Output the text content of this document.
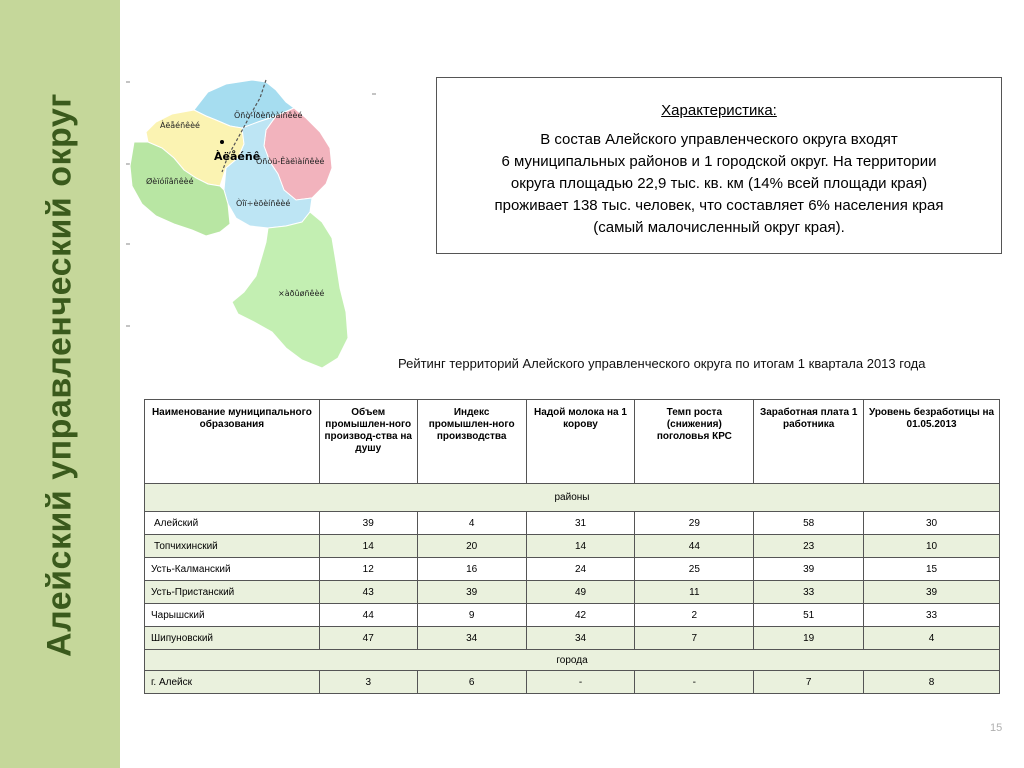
Алейский управленческий округ	Öñò-Ïðèñòàíñêèé
Àëåéñêèé
Àëåéñê
Öñòü-Êàëìàíñêèé
Øèïóíîâñêèé
Òîï÷èõèíñêèé
×àðûøñêèé
Характеристика:
В состав Алейского управленческого округа входят
6 муниципальных районов и 1 городской округ. На территории
округа площадью 22,9 тыс. кв. км (14% всей площади края)
проживает 138 тыс. человек, что составляет 6% населения края
(самый малочисленный округ края).
Рейтинг территорий Алейского управленческого округа по итогам 1 квартала 2013 года
Наименование муниципального образования	Объем промышлен-ного производ-ства на душу	Индекс промышлен-ного производства	Надой молока на 1 корову	Темп роста (снижения) поголовья КРС	Заработная плата 1 работника	Уровень безработицы на 01.05.2013
районы						
Алейский	39	4	31	29	58	30
Топчихинский	14	20	14	44	23	10
Усть-Калманский	12	16	24	25	39	15
Усть-Пристанский	43	39	49	11	33	39
Чарышский	44	9	42	2	51	33
Шипуновский	47	34	34	7	19	4
города						
г. Алейск	3	6	-	-	7	8
15
